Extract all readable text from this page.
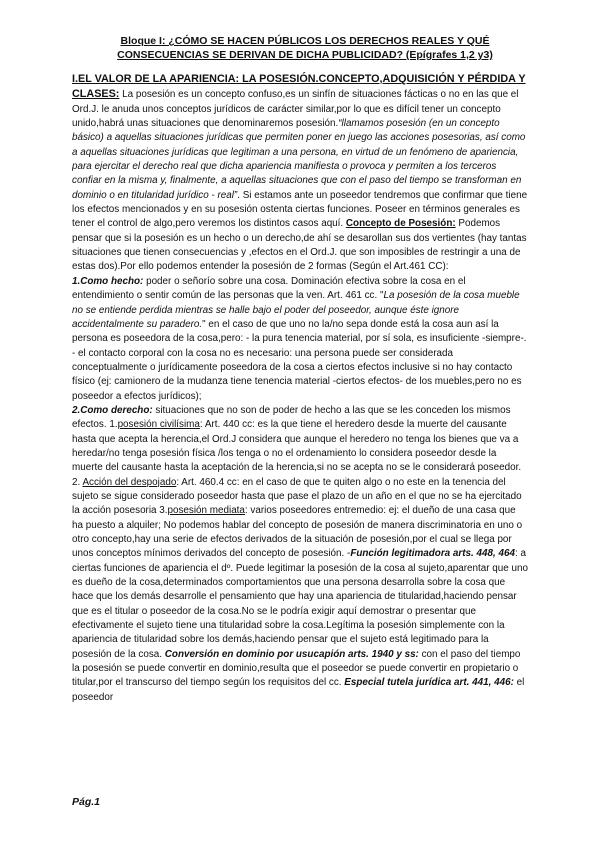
Bloque I: ¿CÓMO SE HACEN PÚBLICOS LOS DERECHOS REALES Y QUÉ
CONSECUENCIAS SE DERIVAN DE DICHA PUBLICIDAD? (Epígrafes 1,2 y3)
I.EL VALOR DE LA APARIENCIA: LA POSESIÓN.CONCEPTO,ADQUISICIÓN Y PÉRDIDA Y CLASES: La posesión es un concepto confuso,es un sinfín de situaciones fácticas o no en las que el Ord.J. le anuda unos conceptos jurídicos de carácter similar,por lo que es difícil tener un concepto unido,habrá unas situaciones que denominaremos posesión.“llamamos posesión (en un concepto básico) a aquellas situaciones jurídicas que permiten poner en juego las acciones posesorias, así como a aquellas situaciones jurídicas que legitiman a una persona, en virtud de un fenómeno de apariencia, para ejercitar el derecho real que dicha apariencia manifiesta o provoca y permiten a los terceros confiar en la misma y, finalmente, a aquellas situaciones que con el paso del tiempo se transforman en dominio o en titularidad jurídico - real”. Si estamos ante un poseedor tendremos que confirmar que tiene los efectos mencionados y en su posesión ostenta ciertas funciones. Poseer en términos generales es tener el control de algo,pero veremos los distintos casos aquí. Concepto de Posesión: Podemos pensar que si la posesión es un hecho o un derecho,de ahí se desarollan sus dos vertientes (hay tantas situaciones que tienen consecuencias y ,efectos en el Ord.J. que son imposibles de restringir a una de estas dos).Por ello podemos entender la posesión de 2 formas (Según el Art.461 CC):
1.Como hecho: poder o señorío sobre una cosa. Dominación efectiva sobre la cosa en el entendimiento o sentir común de las personas que la ven. Art. 461 cc. "La posesión de la cosa mueble no se entiende perdida mientras se halle bajo el poder del poseedor, aunque éste ignore accidentalmente su paradero." en el caso de que uno no la/no sepa donde está la cosa aun así la persona es poseedora de la cosa,pero: - la pura tenencia material, por sí sola, es insuficiente -siempre-. - el contacto corporal con la cosa no es necesario: una persona puede ser considerada conceptualmente o jurídicamente poseedora de la cosa a ciertos efectos inclusive si no hay contacto físico (ej: camionero de la mudanza tiene tenencia material -ciertos efectos- de los muebles,pero no es poseedor a efectos jurídicos);
2.Como derecho: situaciones que no son de poder de hecho a las que se les conceden los mismos efectos. 1.posesión civilísima: Art. 440 cc: es la que tiene el heredero desde la muerte del causante hasta que acepta la herencia,el Ord.J considera que aunque el heredero no tenga los bienes que va a heredar/no tenga posesión física /los tenga o no el ordenamiento lo considera poseedor desde la muerte del causante hasta la aceptación de la herencia,si no se acepta no se le considerará poseedor. 2. Acción del despojado: Art. 460.4 cc: en el caso de que te quiten algo o no este en la tenencia del sujeto se sigue considerado poseedor hasta que pase el plazo de un año en el que no se ha ejercitado la acción posesoria 3.posesión mediata: varios poseedores entremedio: ej: el dueño de una casa que ha puesto a alquiler; No podemos hablar del concepto de posesión de manera discriminatoria en uno o otro concepto,hay una serie de efectos derivados de la situación de posesión,por el cual se llega por unos conceptos mínimos derivados del concepto de posesión. -Función legitimadora arts. 448, 464: a ciertas funciones de apariencia el dº. Puede legitimar la posesión de la cosa al sujeto,aparentar que uno es dueño de la cosa,determinados comportamientos que una persona desarrolla sobre la cosa que hace que los demás desarrolle el pensamiento que hay una apariencia de titularidad,haciendo pensar que es el titular o poseedor de la cosa.No se le podría exigir aquí demostrar o presentar que efectivamente el sujeto tiene una titularidad sobre la cosa.Legítima la posesión simplemente con la apariencia de titularidad sobre los demás,haciendo pensar que el sujeto está legitimado para la posesión de la cosa. Conversión en dominio por usucapión arts. 1940 y ss: con el paso del tiempo la posesión se puede convertir en dominio,resulta que el poseedor se puede convertir en propietario o titular,por el transcurso del tiempo según los requisitos del cc. Especial tutela jurídica art. 441, 446: el poseedor
Pág.1
